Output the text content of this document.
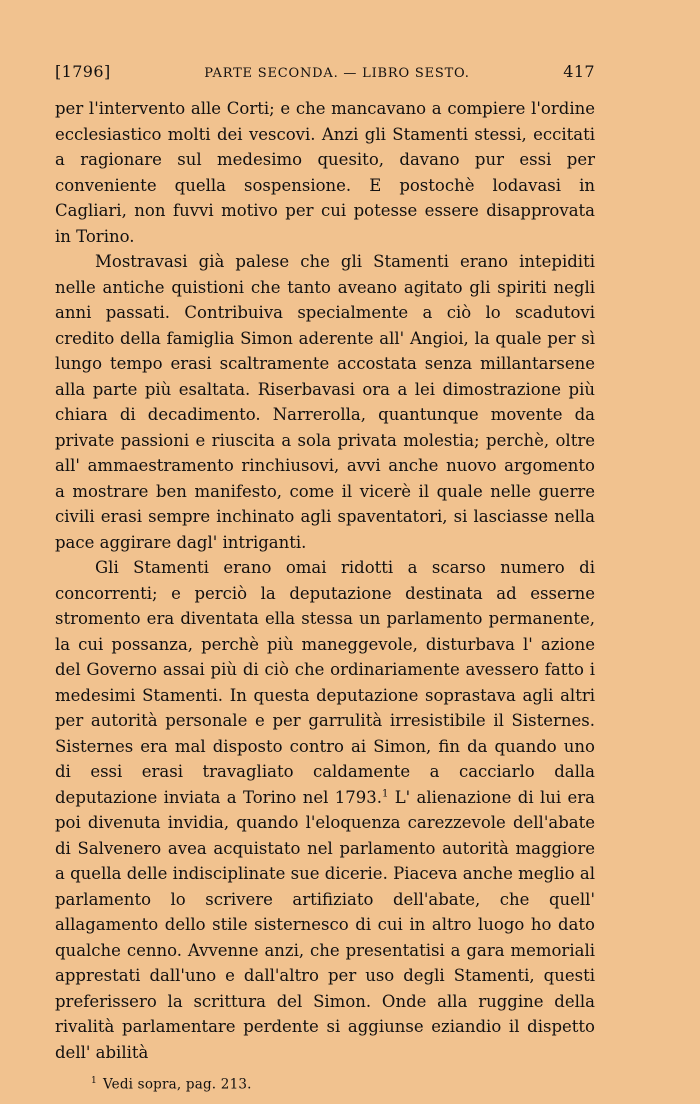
[1796]	PARTE SECONDA. — LIBRO SESTO.	417

per l'intervento alle Corti; e che mancavano a compiere l'ordine ecclesiastico molti dei vescovi. Anzi gli Stamenti stessi, eccitati a ragionare sul medesimo quesito, davano pur essi per conveniente quella sospensione. E postochè lodavasi in Cagliari, non fuvvi motivo per cui potesse essere disapprovata in Torino.

Mostravasi già palese che gli Stamenti erano intepiditi nelle antiche quistioni che tanto aveano agitato gli spiriti negli anni passati. Contribuiva specialmente a ciò lo scadutovi credito della famiglia Simon aderente all' Angioi, la quale per sì lungo tempo erasi scaltramente accostata senza millantarsene alla parte più esaltata. Riserbavasi ora a lei dimostrazione più chiara di decadimento. Narrerolla, quantunque movente da private passioni e riuscita a sola privata molestia; perchè, oltre all' ammaestramento rinchiusovi, avvi anche nuovo argomento a mostrare ben manifesto, come il vicerè il quale nelle guerre civili erasi sempre inchinato agli spaventatori, si lasciasse nella pace aggirare dagl' intriganti.

Gli Stamenti erano omai ridotti a scarso numero di concorrenti; e perciò la deputazione destinata ad esserne stromento era diventata ella stessa un parlamento permanente, la cui possanza, perchè più maneggevole, disturbava l' azione del Governo assai più di ciò che ordinariamente avessero fatto i medesimi Stamenti. In questa deputazione soprastava agli altri per autorità personale e per garrulità irresistibile il Sisternes. Sisternes era mal disposto contro ai Simon, fin da quando uno di essi erasi travagliato caldamente a cacciarlo dalla deputazione inviata a Torino nel 1793.$^1$ L' alienazione di lui era poi divenuta invidia, quando l'eloquenza carezzevole dell'abate di Salvenero avea acquistato nel parlamento autorità maggiore a quella delle indisciplinate sue dicerie. Piaceva anche meglio al parlamento lo scrivere artifiziato dell'abate, che quell' allagamento dello stile sisternesco di cui in altro luogo ho dato qualche cenno. Avvenne anzi, che presentatisi a gara memoriali apprestati dall'uno e dall'altro per uso degli Stamenti, questi preferissero la scrittura del Simon. Onde alla ruggine della rivalità parlamentare perdente si aggiunse eziandio il dispetto dell' abilità

$^1$ Vedi sopra, pag. 213.
